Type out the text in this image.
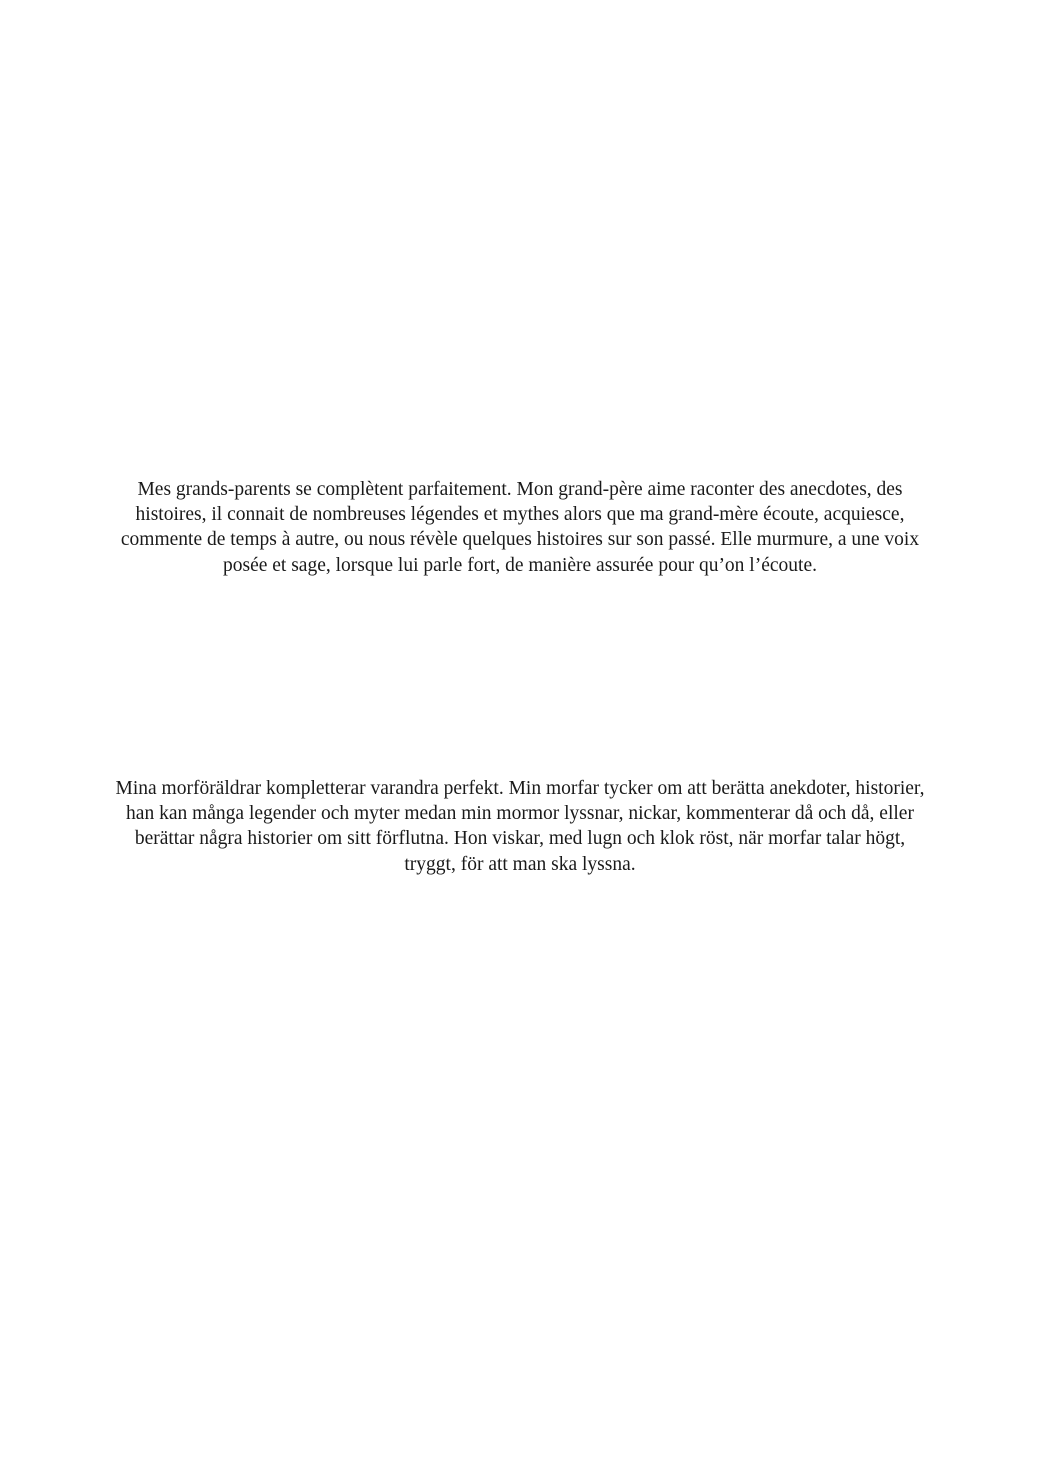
Mes grands-parents se complètent parfaitement. Mon grand-père aime raconter des anecdotes, des histoires, il connait de nombreuses légendes et mythes alors que ma grand-mère écoute, acquiesce, commente de temps à autre, ou nous révèle quelques histoires sur son passé. Elle murmure, a une voix posée et sage, lorsque lui parle fort, de manière assurée pour qu’on l’écoute.

Mina morföräldrar kompletterar varandra perfekt. Min morfar tycker om att berätta anekdoter, historier, han kan många legender och myter medan min mormor lyssnar, nickar, kommenterar då och då, eller berättar några historier om sitt förflutna. Hon viskar, med lugn och klok röst, när morfar talar högt, tryggt, för att man ska lyssna.
